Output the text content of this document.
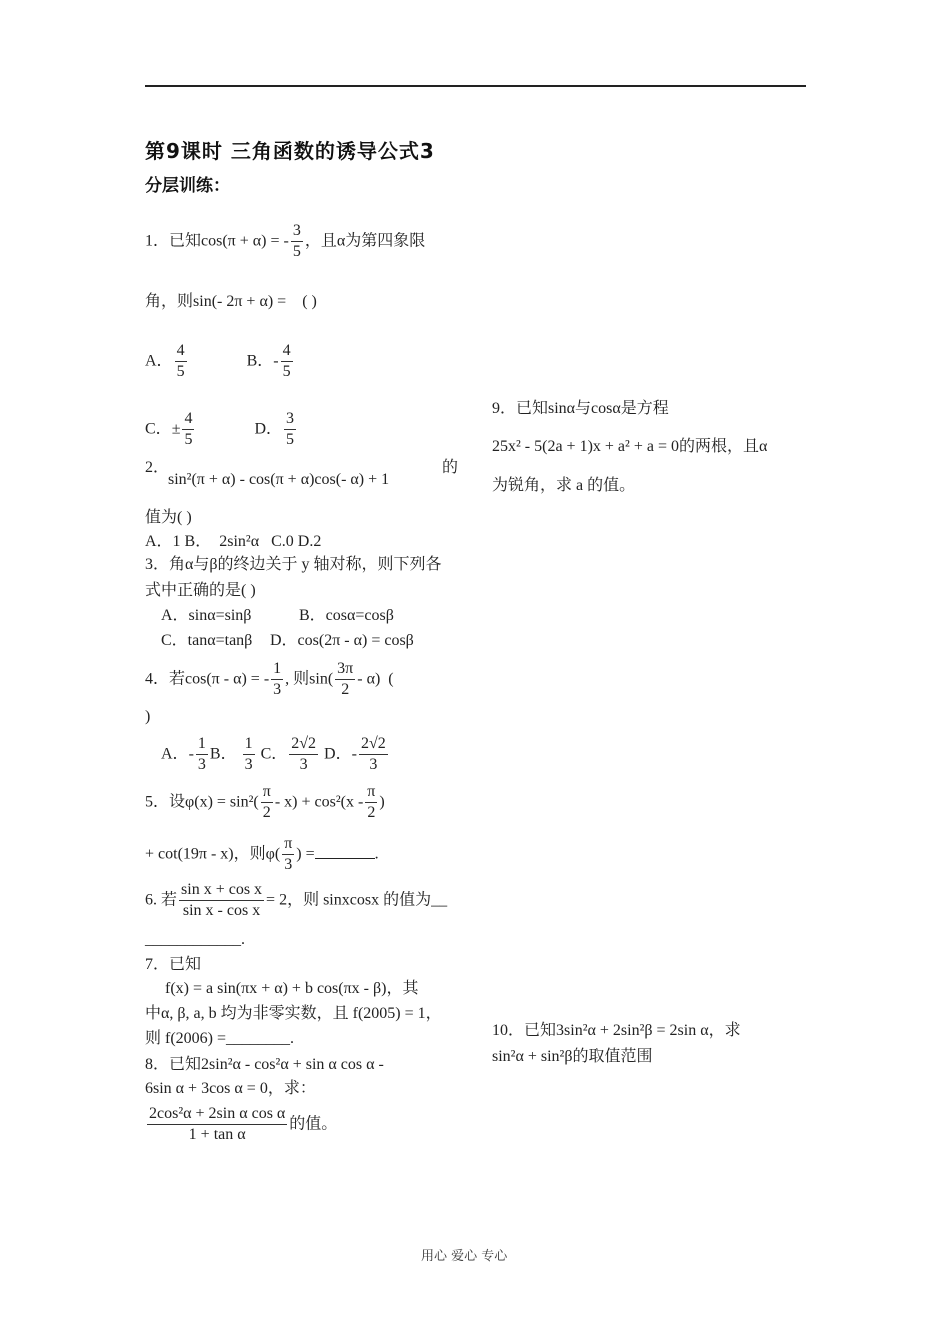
第9课时 三角函数的诱导公式3
分层训练：
1．已知cos(π + α) = - $\frac{3}{5}$ ，且α为第四象限
角，则sin(- 2π + α) = ( )
A． $\frac{4}{5}$	B．- $\frac{4}{5}$
C．± $\frac{4}{5}$	D． $\frac{3}{5}$
2．
sin²(π + α) - cos(π + α)cos(- α) + 1
的
值为( )
A．1 B． 2sin²α C.0 D.2
3．角α与β的终边关于 y 轴对称，则下列各
式中正确的是( )
A．sinα=sinβ	B．cosα=cosβ
C．tanα=tanβ D．cos(2π - α) = cosβ
4．若cos(π - α) = - $\frac{1}{3}$ , 则$\sin( \frac{3\pi}{2} - \alpha)$ (
)
A．- $\frac{1}{3}$ B． $\frac{1}{3}$ C． $\frac{2√2}{3}$ D．- $\frac{2√2}{3}$
5．设$\varphi(x) = \sin^2( \frac{\pi}{2} - x) + \cos^2(x - \frac{\pi}{2}$ )
+ cot(19π - x)，则$\varphi( \frac{\pi}{3}$ ) =	.
6. 若 $\frac{\text{sin x + cos x}}{\text{sin x - cos x}} = 2$，则 sinxcosx 的值为__
____________.
7．已知
f(x) = a sin(πx + α) + b cos(πx - β)，其
中α, β, a, b 均为非零实数，且 f(2005) = 1，
则 f(2006) =________.
8．已知2sin²α - cos²α + sin α cos α -
6sin α + 3cos α = 0，求：
$\frac{\text{2cos²α + 2sin α cos α}}{\text{1 + tan α}}$ 的值。
9．已知sinα与cosα是方程
25x² - 5(2a + 1)x + a² + a = 0的两根，且α
为锐角，求 a 的值。
10．已知3sin²α + 2sin²β = 2sin α，求
sin²α + sin²β的取值范围
用心 爱心 专心
